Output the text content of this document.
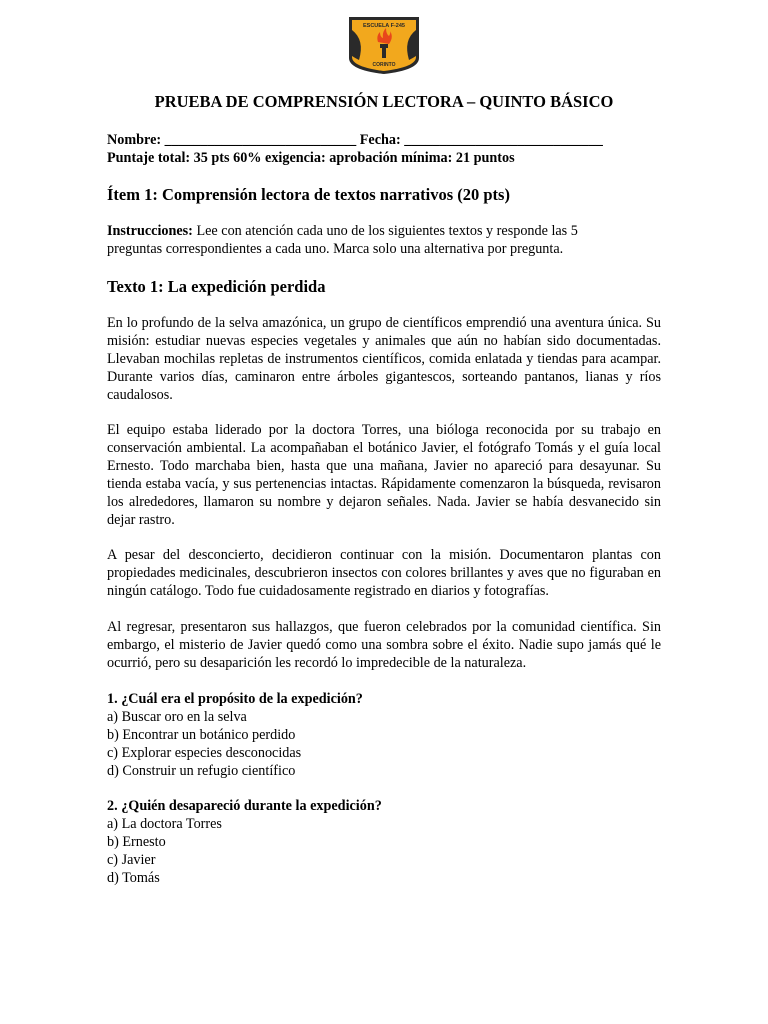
ESCUELA F-245
CORINTO
PRUEBA DE COMPRENSIÓN LECTORA – QUINTO BÁSICO
Nombre: ___________________________ Fecha: ____________________________
Puntaje total: 35 pts 60% exigencia: aprobación mínima: 21 puntos
Ítem 1: Comprensión lectora de textos narrativos (20 pts)
Instrucciones: Lee con atención cada uno de los siguientes textos y responde las 5 preguntas correspondientes a cada uno. Marca solo una alternativa por pregunta.
Texto 1: La expedición perdida
En lo profundo de la selva amazónica, un grupo de científicos emprendió una aventura única. Su misión: estudiar nuevas especies vegetales y animales que aún no habían sido documentadas. Llevaban mochilas repletas de instrumentos científicos, comida enlatada y tiendas para acampar. Durante varios días, caminaron entre árboles gigantescos, sorteando pantanos, lianas y ríos caudalosos.
El equipo estaba liderado por la doctora Torres, una bióloga reconocida por su trabajo en conservación ambiental. La acompañaban el botánico Javier, el fotógrafo Tomás y el guía local Ernesto. Todo marchaba bien, hasta que una mañana, Javier no apareció para desayunar. Su tienda estaba vacía, y sus pertenencias intactas. Rápidamente comenzaron la búsqueda, revisaron los alrededores, llamaron su nombre y dejaron señales. Nada. Javier se había desvanecido sin dejar rastro.
A pesar del desconcierto, decidieron continuar con la misión. Documentaron plantas con propiedades medicinales, descubrieron insectos con colores brillantes y aves que no figuraban en ningún catálogo. Todo fue cuidadosamente registrado en diarios y fotografías.
Al regresar, presentaron sus hallazgos, que fueron celebrados por la comunidad científica. Sin embargo, el misterio de Javier quedó como una sombra sobre el éxito. Nadie supo jamás qué le ocurrió, pero su desaparición les recordó lo impredecible de la naturaleza.
1. ¿Cuál era el propósito de la expedición?
a) Buscar oro en la selva
b) Encontrar un botánico perdido
c) Explorar especies desconocidas
d) Construir un refugio científico
2. ¿Quién desapareció durante la expedición?
a) La doctora Torres
b) Ernesto
c) Javier
d) Tomás
